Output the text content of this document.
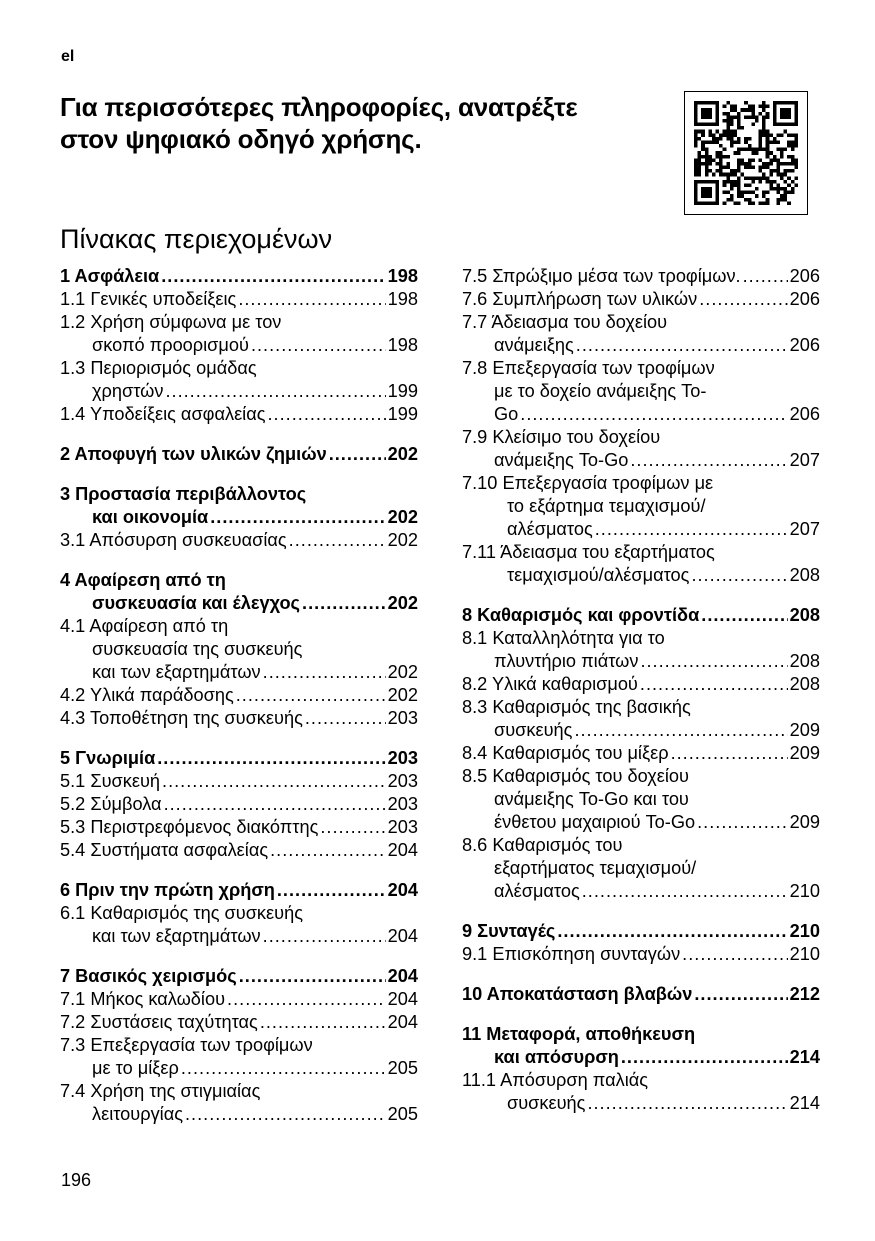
el
Για περισσότερες πληροφορίες, ανατρέξτε
στον ψηφιακό οδηγό χρήσης.
Πίνακας περιεχομένων
1 Ασφάλεια .....	198
1.1 Γενικές υποδείξεις .....	198
1.2 Χρήση σύμφωνα με τον
σκοπό προορισμού .....	198
1.3 Περιορισμός ομάδας
χρηστών .....	199
1.4 Υποδείξεις ασφαλείας .....	199
2 Αποφυγή των υλικών ζημιών .....	202
3 Προστασία περιβάλλοντος
και οικονομία .....	202
3.1 Απόσυρση συσκευασίας .....	202
4 Αφαίρεση από τη
συσκευασία και έλεγχος .....	202
4.1 Αφαίρεση από τη
συσκευασία της συσκευής
και των εξαρτημάτων .....	202
4.2 Υλικά παράδοσης .....	202
4.3 Τοποθέτηση της συσκευής .....	203
5 Γνωριμία .....	203
5.1 Συσκευή .....	203
5.2 Σύμβολα .....	203
5.3 Περιστρεφόμενος διακόπτης .....	203
5.4 Συστήματα ασφαλείας .....	204
6 Πριν την πρώτη χρήση .....	204
6.1 Καθαρισμός της συσκευής
και των εξαρτημάτων .....	204
7 Βασικός χειρισμός .....	204
7.1 Μήκος καλωδίου .....	204
7.2 Συστάσεις ταχύτητας .....	204
7.3 Επεξεργασία των τροφίμων
με το μίξερ .....	205
7.4 Χρήση της στιγμιαίας
λειτουργίας .....	205
7.5 Σπρώξιμο μέσα των τροφίμων. .....	206
7.6 Συμπλήρωση των υλικών .....	206
7.7 Άδειασμα του δοχείου
ανάμειξης .....	206
7.8 Επεξεργασία των τροφίμων
με το δοχείο ανάμειξης To-
Go .....	206
7.9 Κλείσιμο του δοχείου
ανάμειξης To-Go .....	207
7.10 Επεξεργασία τροφίμων με
το εξάρτημα τεμαχισμού/
αλέσματος .....	207
7.11 Άδειασμα του εξαρτήματος
τεμαχισμού/αλέσματος .....	208
8 Καθαρισμός και φροντίδα .....	208
8.1 Καταλληλότητα για το
πλυντήριο πιάτων .....	208
8.2 Υλικά καθαρισμού .....	208
8.3 Καθαρισμός της βασικής
συσκευής .....	209
8.4 Καθαρισμός του μίξερ .....	209
8.5 Καθαρισμός του δοχείου
ανάμειξης To-Go και του
ένθετου μαχαιριού To-Go .....	209
8.6 Καθαρισμός του
εξαρτήματος τεμαχισμού/
αλέσματος .....	210
9 Συνταγές .....	210
9.1 Επισκόπηση συνταγών .....	210
10 Αποκατάσταση βλαβών .....	212
11 Μεταφορά, αποθήκευση
και απόσυρση .....	214
11.1 Απόσυρση παλιάς
συσκευής .....	214
196
